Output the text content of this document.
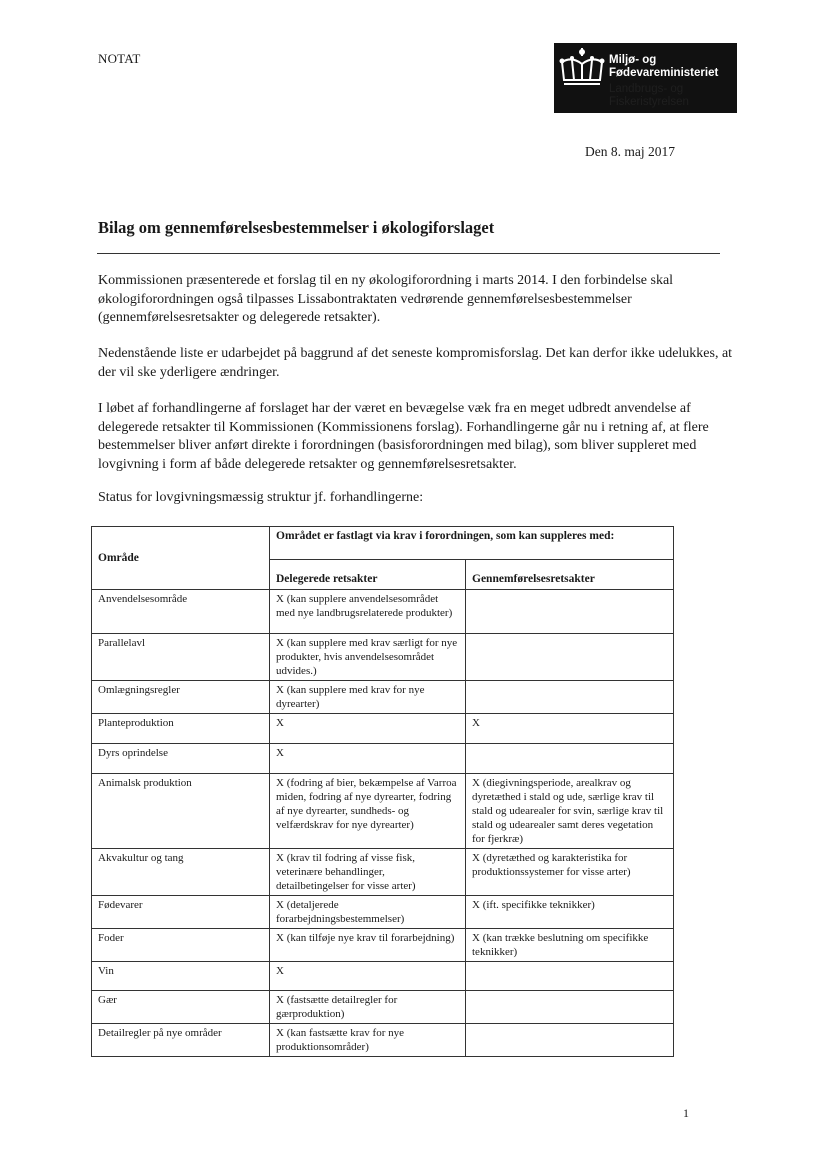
NOTAT	Miljø- og
Fødevareministeriet
Landbrugs- og
Fiskeristyrelsen
Den 8. maj 2017
Bilag om gennemførelsesbestemmelser i økologiforslaget

Kommissionen præsenterede et forslag til en ny økologiforordning i marts 2014. I den forbindelse skal økologiforordningen også tilpasses Lissabontraktaten vedrørende gennemførelsesbestemmelser (gennemførelsesretsakter og delegerede retsakter).

Nedenstående liste er udarbejdet på baggrund af det seneste kompromisforslag. Det kan derfor ikke udelukkes, at der vil ske yderligere ændringer.

I løbet af forhandlingerne af forslaget har der været en bevægelse væk fra en meget udbredt anvendelse af delegerede retsakter til Kommissionen (Kommissionens forslag). Forhandlingerne går nu i retning af, at flere bestemmelser bliver anført direkte i forordningen (basisforordningen med bilag), som bliver suppleret med lovgivning i form af både delegerede retsakter og gennemførelsesretsakter.

Status for lovgivningsmæssig struktur jf. forhandlingerne:

Område	Området er fastlagt via krav i forordningen, som kan suppleres med:	
	Delegerede retsakter	Gennemførelsesretsakter
Anvendelsesområde	X (kan supplere anvendelsesområdet med nye landbrugsrelaterede produkter)	
Parallelavl	X (kan supplere med krav særligt for nye produkter, hvis anvendelsesområdet udvides.)	
Omlægningsregler	X (kan supplere med krav for nye dyrearter)	
Planteproduktion	X	X
Dyrs oprindelse	X	
Animalsk produktion	X (fodring af bier, bekæmpelse af Varroa miden, fodring af nye dyrearter, fodring af nye dyrearter, sundheds- og velfærdskrav for nye dyrearter)	X (diegivningsperiode, arealkrav og dyretæthed i stald og ude, særlige krav til stald og udearealer for svin, særlige krav til stald og udearealer samt deres vegetation for fjerkræ)
Akvakultur og tang	X (krav til fodring af visse fisk, veterinære behandlinger, detailbetingelser for visse arter)	X (dyretæthed og karakteristika for produktionssystemer for visse arter)
Fødevarer	X (detaljerede forarbejdningsbestemmelser)	X (ift. specifikke teknikker)
Foder	X (kan tilføje nye krav til forarbejdning)	X (kan trække beslutning om specifikke teknikker)
Vin	X	
Gær	X (fastsætte detailregler for gærproduktion)	
Detailregler på nye områder	X (kan fastsætte krav for nye produktionsområder)	
1
